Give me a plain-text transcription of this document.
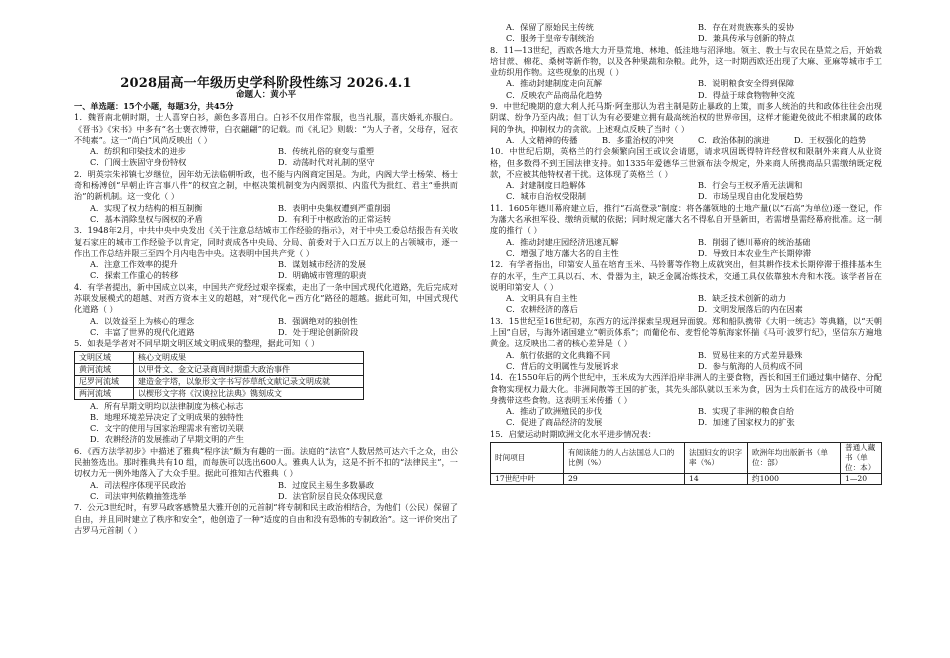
2028届高一年级历史学科阶段性练习 2026.4.1
命题人：黄小平

一、单选题：15个小题，每题3分，共45分

1．魏晋南北朝时期，士人喜穿白衫，颜色多喜用白。白衫不仅用作常服，也当礼服，喜庆婚礼亦服白。《晋书》《宋书》中多有“名士褒衣博带，白衣翩翩”的记载。而《礼记》则载：“为人子者，父母存，冠衣不纯素”。这一“尚白”风尚反映出（ ）

A．纺织和印染技术的进步	B．传统礼俗的衰变与重塑
C．门阀士族固守身份特权	D．动荡时代对礼制的坚守

2．明英宗朱祁镇七岁继位，因年幼无法临朝听政，也不能与内阁商定国是。为此，内阁大学士杨荣、杨士奇和杨溥创“早朝止许言事八件”的权宜之制，中枢决策机制变为内阁票拟、内监代为批红、君主“垂拱而治”的新机制。这一变化（ ）

A．实现了权力结构的相互制衡	B．表明中央集权遭到严重削弱
C．基本消除皇权与阁权的矛盾	D．有利于中枢政治的正常运转

3．1948年2月，中共中央中央发出《关于注意总结城市工作经验的指示》，对于中央工委总结报告有关收复石家庄的城市工作经验予以肯定，同时责成各中央局、分局、前委对于入口五万以上的占领城市，逐一作出工作总结并限三至四个月内电告中央。这表明中国共产党（ ）

A．注意工作效率的提升	B．谋划城市经济的发展
C．探索工作重心的转移	D．明确城市管理的职责

4．有学者提出，新中国成立以来，中国共产党经过艰辛探索，走出了一条中国式现代化道路，先后完成对苏联发展模式的超越、对西方资本主义的超越，对“现代化＝西方化”路径的超越。据此可知，中国式现代化道路（ ）

A．以效益至上为核心的理念	B．强调绝对的独创性
C．丰富了世界的现代化道路	D．处于理论创新阶段

5．如表是学者对不同早期文明区域文明成果的整理，据此可知（ ）

文明区域	核心文明成果
黄河流域	以甲骨文、金文记录商周时期重大政治事件
尼罗河流域	建造金字塔，以象形文字书写莎草纸文献记录文明成就
两河流域	以楔形文字将《汉谟拉比法典》镌刻成文
A．所有早期文明均以法律制度为核心标志
B．地理环境差异决定了文明成果的独特性
C．文字的使用与国家治理需求有密切关联
D．农耕经济的发展推动了早期文明的产生

6．《西方法学初步》中描述了雅典“程序法”颇为有趣的一面。法庭的“法官”人数居然可达六千之众，由公民抽签选出。那时雅典共有10 组，而每族可以选出600人。雅典人认为，这是不折不扣的“法律民主”，一切权力无一例外地落入了大众手里。据此可推知古代雅典（ ）

A．司法程序体现平民政治	B．过度民主易生多数暴政
C．司法审判依赖抽签选举	D．法官阶层自民众体现民意

7．公元3世纪时，有罗马政客感赞星大雅开创的元首制“将专制和民主政治相结合，为他们（公民）保留了自由，并且同时建立了秩序和安全”，他创造了一种“适度的自由和没有恐怖的专制政治”。这一评价突出了古罗马元首制（ ）

A．保留了原始民主传统	B．存在对贵族寡头的妥协
C．服务于皇帝专制统治	D．兼具传承与创新的特点

8．11—13世纪，西欧各地大力开垦荒地、林地、低洼地与沼泽地。领主、教士与农民在垦荒之后，开始栽培甘蔗、棉花、桑树等新作物，以及各种果蔬和杂粮。此外，这一时期西欧还出现了大麻、亚麻等城市手工业纺织用作物。这些现象的出现（ ）

A．推动封建制度走向瓦解	B．说明粮食安全得到保障
C．反映农产品商品化趋势	D．得益于球食物物种交流

9．中世纪晚期的意大利人托马斯·阿奎那认为君主制是防止暴政的上策，而多人统治的共和政体往往会出现阴谋、纷争乃至内战；但丁认为有必要建立拥有最高统治权的世界帝国，这样才能避免彼此不相隶属的政体间的争执，抑制权力的贪欲。上述观点反映了当时（ ）

A．人文精神的传播	B．多重治权的冲突	C．政治体制的演进	D．王权强化的趋势

10．中世纪后期，英格兰的行会频繁向国王或议会请愿，请求巩固既得特许经营权和限制外来商人从业资格，但多数得不到王国法律支持。如1335年爱德华三世颁布法令规定，外来商人所携商品只需缴纳既定税款，不应被其他特权者干扰。这体现了英格兰（ ）

A．封建制度日趋解体	B．行会与王权矛盾无法调和
C．城市自治权受限制	D．市场呈现自由化发展趋势

11．1605年德川幕府建立后，推行“石高登录”制度：将各藩领地的土地产量(以“石高”为单位)逐一登记，作为藩大名承担军役、缴纳贡赋的依据；同时规定藩大名不得私自开垦新田，若需增垦需经幕府批准。这一制度的推行（ ）

A．推动封建庄园经济迅速瓦解	B．削弱了德川幕府的统治基础
C．增强了地方藩大名的自主性	D．导致日本农业生产长期停滞

12．有学者指出，印第安人虽在培育玉米、马铃薯等作物上成就突出，但其耕作技术长期停滞于推排基本生存的水平，生产工具以石、木、骨器为主，缺乏金属冶炼技术，交通工具仅依靠独木舟和木筏。该学者旨在说明印第安人（ ）

A．文明具有自主性	B．缺乏技术创新的动力
C．农耕经济的落后	D．文明发展落后的内在因素

13．15世纪至16世纪初，东西方的远洋探索呈现迥异面貌。郑和船队携带《大明一统志》等典籍，以“天朝上国”自居，与海外诸国建立“朝贡体系”；而葡伦布、麦哲伦等航海家怀揣《马可·波罗行纪》，坚信东方遍地黄金。这反映出二者的核心差异是（ ）

A．航行依据的文化典籍不同	B．贸易往来的方式差异悬殊
C．背后的文明属性与发展诉求	D．参与航海的人员构成不同

14．在1550年后的两个世纪中，玉米成为大西洋沿岸非洲人的主要食物，西长和国王们通过集中储存、分配食物实现权力最大化。非洲间散等王国的扩张，其先头部队就以玉米为食，因为士兵们在远方的战役中可随身携带这些食物。这表明玉米传播（ ）

A．推动了欧洲殖民的步伐	B．实现了非洲的粮食自给
C．促进了商品经济的发展	D．加速了国家权力的扩张

15．启蒙运动时期欧洲文化水平进步情况表：

时间项目	有阅读能力的人占法国总人口的比例（%）	法国妇女的识字率（%）	欧洲年均出版新书（单位：部）	普通人藏书（单位：本）
17世纪中叶	29	14	约1000	1—20
